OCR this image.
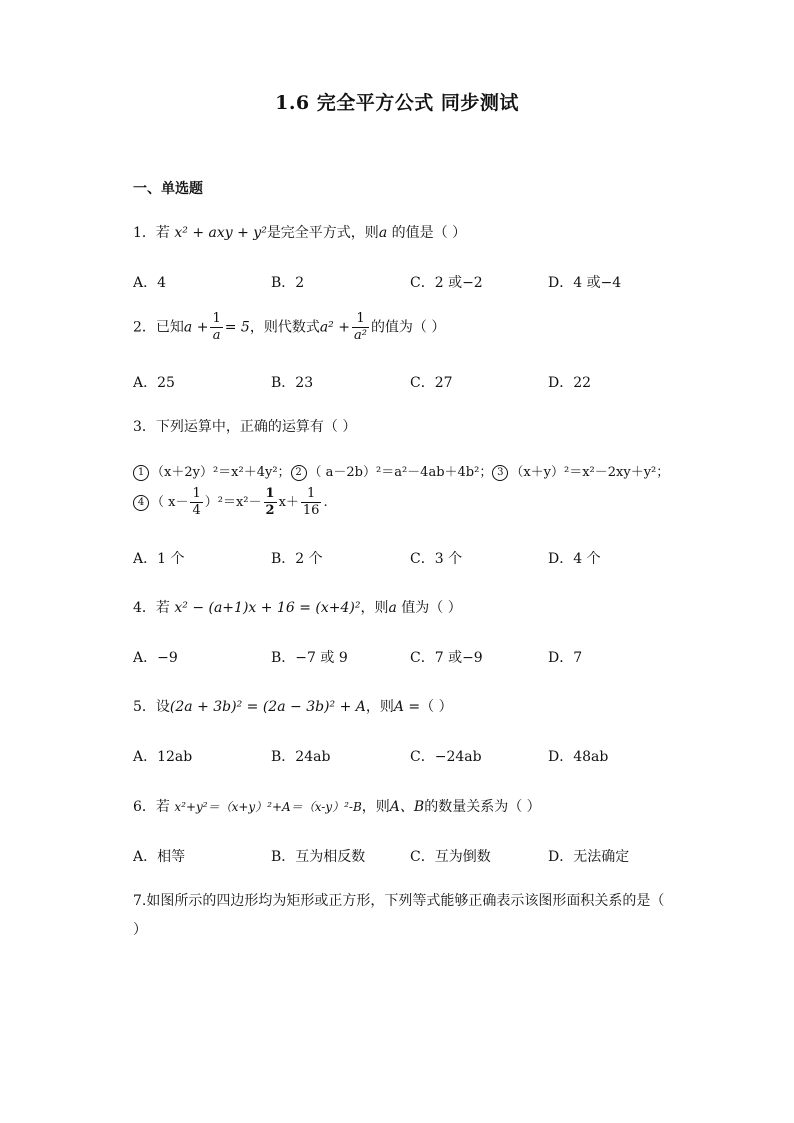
1.6 完全平方公式 同步测试
一、单选题
1．若 x² + axy + y²是完全平方式，则a 的值是（ ）
A．4	B．2	C．2 或−2	D．4 或−4
2．已知$a + \frac{1}{a} = 5$，则代数式$a^2 + \frac{1}{\text{a²}}$ 的值为（ ）
A．25	B．23	C．27	D．22
3．下列运算中，正确的运算有（ ）
1 （x＋2y）²＝x²＋4y²； 2 （ a－2b）²＝a²－4ab＋4b²； 3 （x＋y）²＝x²－2xy＋y²；
4 （ $x- \frac{1}{4} )^2=x^2- \frac{1}{2} x+ \frac{1}{16}$ .
A．1 个	B．2 个	C．3 个	D．4 个
4．若 x² − (a+1)x + 16 = (x+4)²，则a 值为（ ）
A．−9	B．−7 或 9	C．7 或−9	D．7
5．设(2a + 3b)² = (2a − 3b)² + A，则A =（ ）
A．12ab	B．24ab	C．−24ab	D．48ab
6．若 x²+y²＝（x+y）²+A＝（x-y）²-B，则A、B的数量关系为（ ）
A．相等	B．互为相反数	C．互为倒数	D．无法确定
7.如图所示的四边形均为矩形或正方形，下列等式能够正确表示该图形面积关系的是（
）
